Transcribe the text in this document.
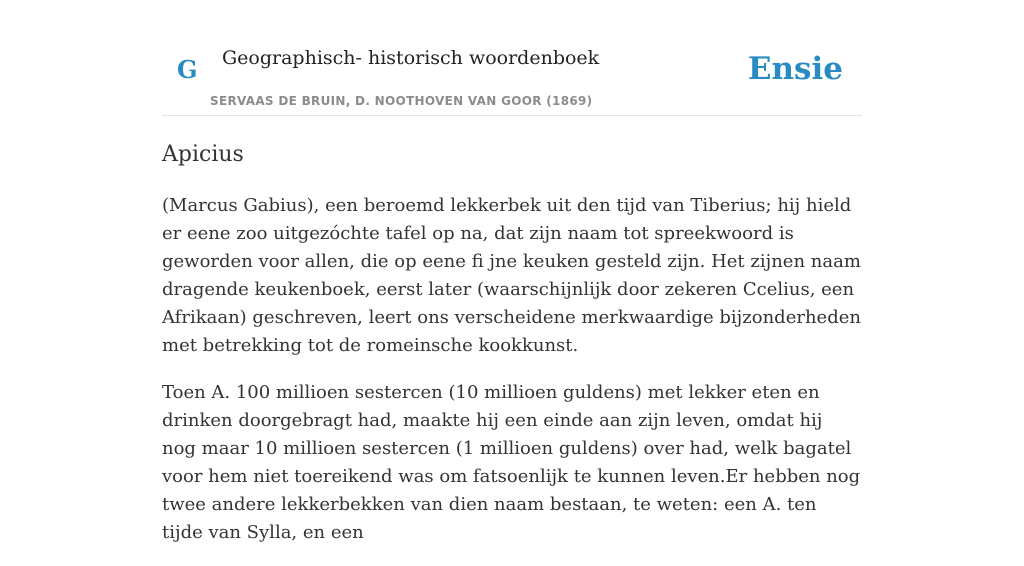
G Geographisch- historisch woordenboek
SERVAAS DE BRUIN, D. NOOTHOVEN VAN GOOR (1869)
Ensie
Apicius

(Marcus Gabius), een beroemd lekkerbek uit den tijd van Tiberius; hij hield er eene zoo uitgezóchte tafel op na, dat zijn naam tot spreekwoord is geworden voor allen, die op eene fi jne keuken gesteld zijn. Het zijnen naam dragende keukenboek, eerst later (waarschijnlijk door zekeren Ccelius, een Afrikaan) geschreven, leert ons verscheidene merkwaardige bijzonderheden met betrekking tot de romeinsche kookkunst.

Toen A. 100 millioen sestercen (10 millioen guldens) met lekker eten en drinken doorgebragt had, maakte hij een einde aan zijn leven, omdat hij nog maar 10 millioen sestercen (1 millioen guldens) over had, welk bagatel voor hem niet toereikend was om fatsoenlijk te kunnen leven.Er hebben nog twee andere lekkerbekken van dien naam bestaan, te weten: een A. ten tijde van Sylla, en een
